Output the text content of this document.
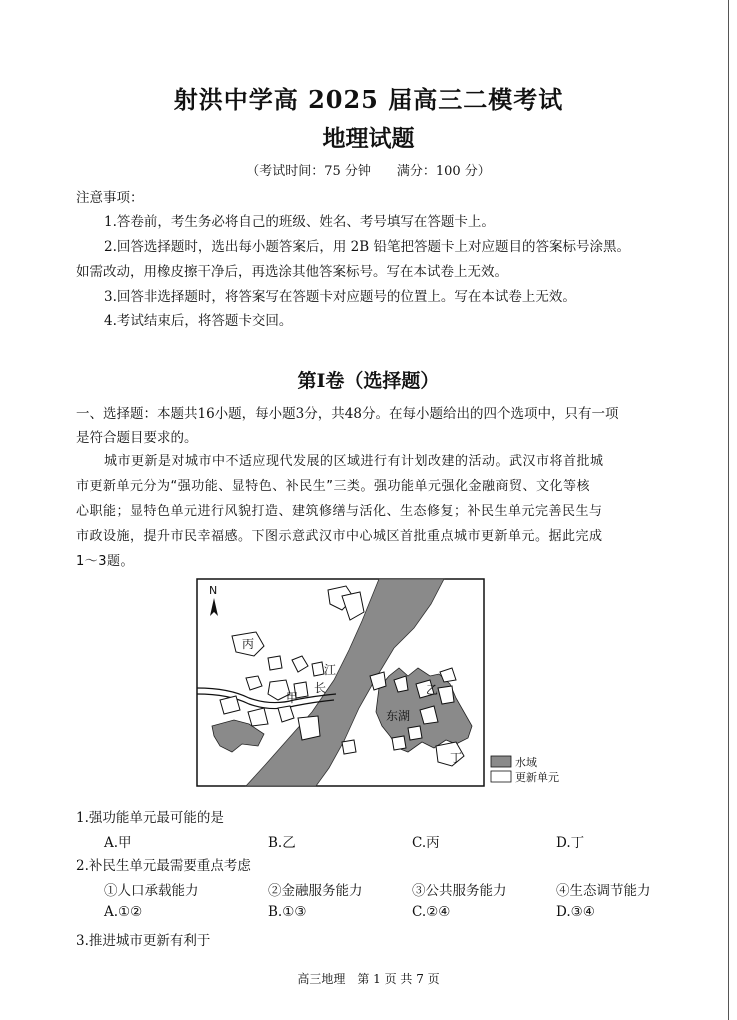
射洪中学高 2025 届高三二模考试
地理试题
（考试时间：75 分钟　　满分：100 分）
注意事项：
1.答卷前，考生务必将自己的班级、姓名、考号填写在答题卡上。
2.回答选择题时，选出每小题答案后，用 2B 铅笔把答题卡上对应题目的答案标号涂黑。
如需改动，用橡皮擦干净后，再选涂其他答案标号。写在本试卷上无效。
3.回答非选择题时，将答案写在答题卡对应题号的位置上。写在本试卷上无效。
4.考试结束后，将答题卡交回。
第Ⅰ卷（选择题）
一、选择题：本题共16小题，每小题3分，共48分。在每小题给出的四个选项中，只有一项
是符合题目要求的。
城市更新是对城市中不适应现代发展的区域进行有计划改建的活动。武汉市将首批城
市更新单元分为“强功能、显特色、补民生”三类。强功能单元强化金融商贸、文化等核
心职能；显特色单元进行风貌打造、建筑修缮与活化、生态修复；补民生单元完善民生与
市政设施，提升市民幸福感。下图示意武汉市中心城区首批重点城市更新单元。据此完成
1～3题。
N
丙
乙
甲
丁
江
长
东湖
水域
更新单元
1.强功能单元最可能的是
A.甲	B.乙	C.丙	D.丁
2.补民生单元最需要重点考虑
①人口承载能力	②金融服务能力	③公共服务能力	④生态调节能力
A.①②	B.①③	C.②④	D.③④
3.推进城市更新有利于
高三地理　第 1 页 共 7 页
